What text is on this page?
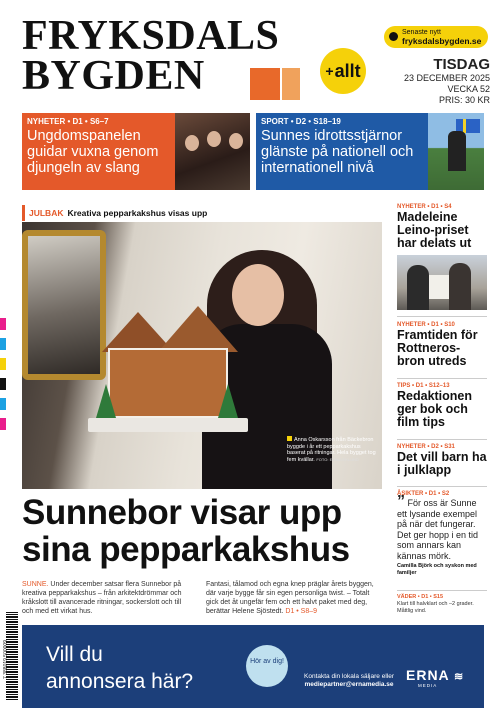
FRYKSDALS
BYGDEN	+ allt
Senaste nytt
fryksdalsbygden.se
TISDAG
23 DECEMBER 2025
VECKA 52
PRIS: 30 KR
NYHETER • D1 • S6–7
Ungdomspanelen guidar vuxna genom djungeln av slang
SPORT • D2 • S18–19
Sunnes idrottsstjärnor glänste på nationell och internationell nivå
JULBAK Kreativa pepparkakshus visas upp
Anna Oskarsson från Bäckebron byggde i år ett pepparkakshus baserat på ritningar. Hela bygget tog fem kvällar. FOTO: EMMA EKLUND
Sunnebor visar upp
sina pepparkakshus
SUNNE. Under december satsar flera Sunnebor på kreativa pepparkakshus – från arkitektdrömmar och kråkslott till avancerade ritningar, sockerslott och till och med ett virkat hus.
Fantasi, tålamod och egna knep präglar årets byggen, där varje bygge får sin egen personliga twist. – Totalt gick det åt ungefär fem och ett halvt paket med deg, berättar Helene Sjöstedt. D1 • S8–9
NYHETER • D1 • S4
Madeleine Leino-priset har delats ut
NYHETER • D1 • S10
Framtiden för Rottneros-bron utreds
TIPS • D1 • S12–13
Redaktionen ger bok och film tips
NYHETER • D2 • S31
Det vill barn ha i julklapp
ÅSIKTER • D1 • S2
” För oss är Sunne ett lysande exempel på när det fungerar. Det ger hopp i en tid som annars kan kännas mörk.
Camilla Björk och syskon med familjer
VÄDER • D1 • S15
Klart till halvklart och –2 grader. Måttlig vind.
7 388019 500009 Vill du
annonsera här?
Hör av dig!
Kontakta din lokala säljare eller
mediepartner@ernamedia.se
ERNA ≋
MEDIA
